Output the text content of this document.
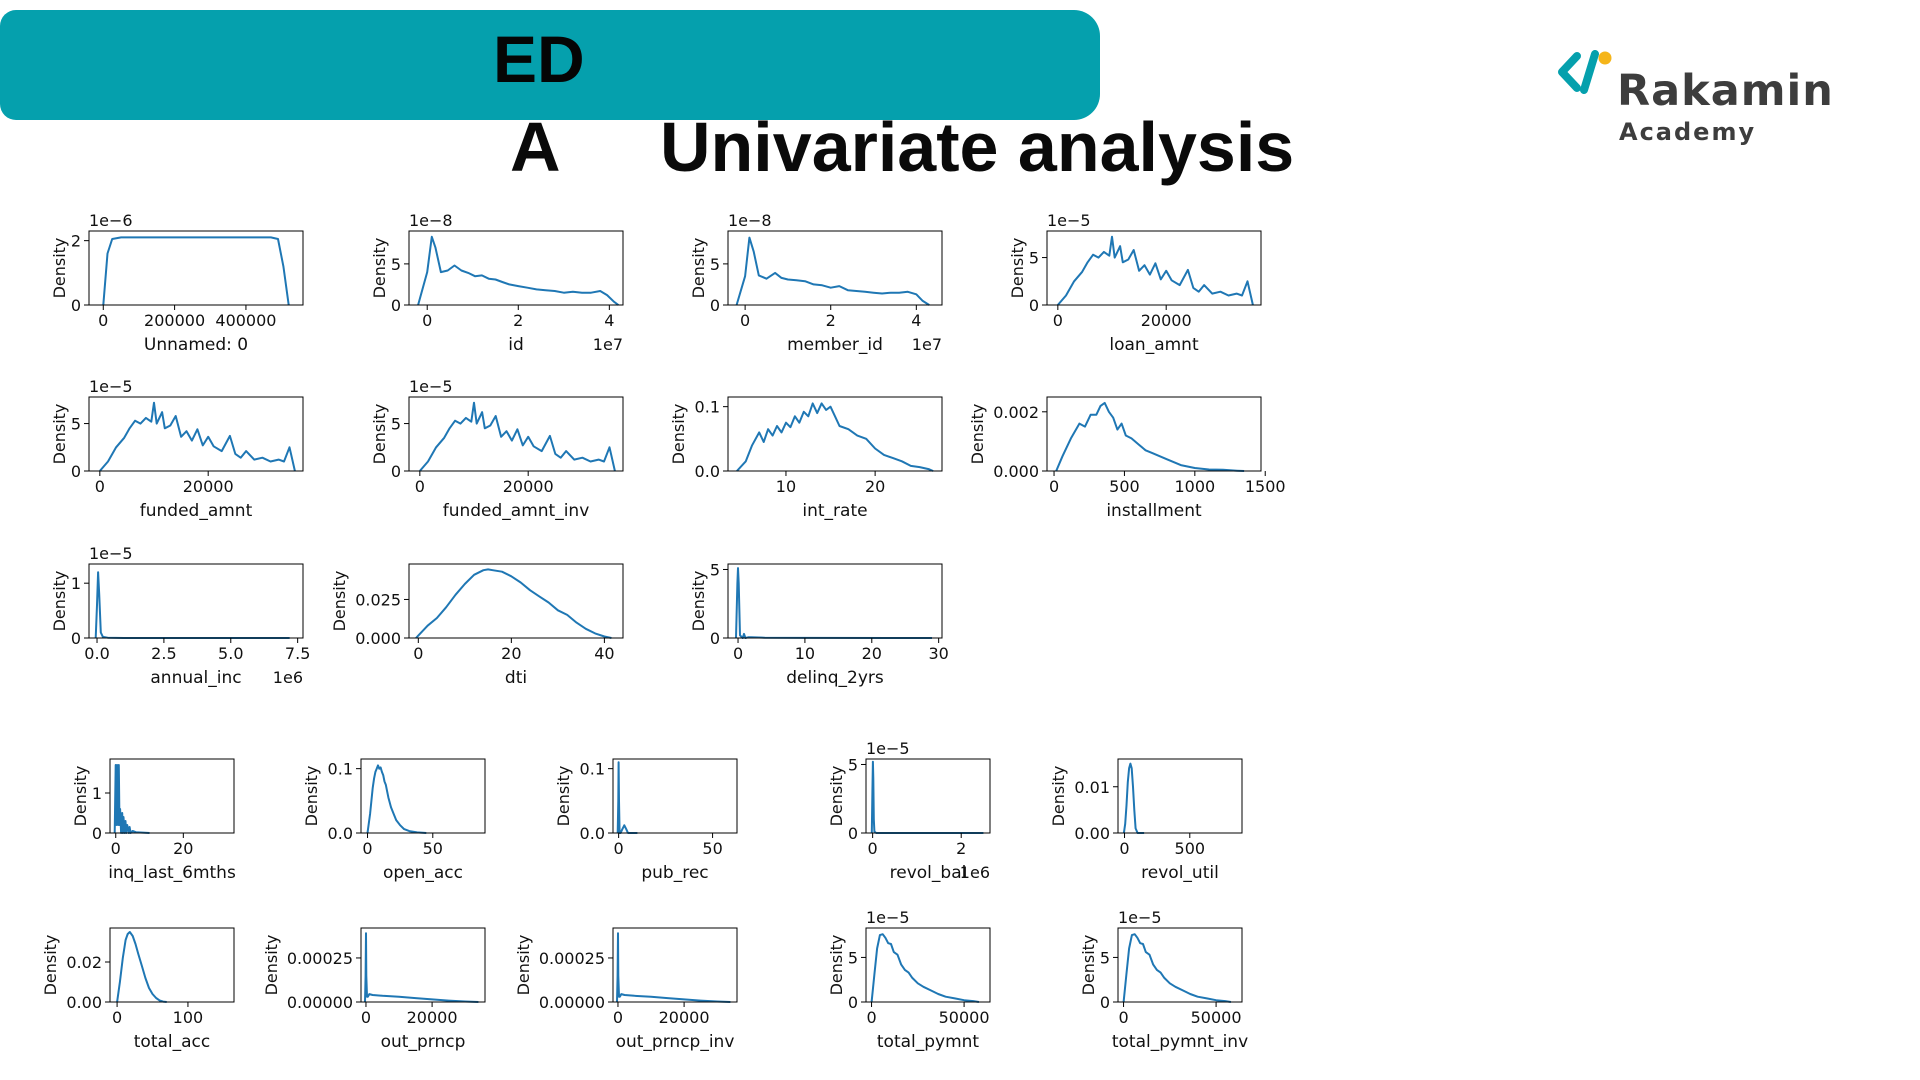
ED
A Univariate analysis
Rakamin
Academy
0 200000 400000
0
2
Unnamed: 0
Density
1e−6
0	2	4
0
5
id
Density
1e−8
1e7
0	2	4
0
5
member_id
Density
1e−8
1e7
0	20000
0
5
loan_amnt
Density
1e−5
0	20000
0
5
funded_amnt
Density
1e−5
0	20000
0
5
funded_amnt_inv
Density
1e−5
10	20
0.0
0.1
int_rate
Density
0	500 1000 1500
0.000
0.002
installment
Density
0.0	2.5	5.0	7.5
0
1
annual_inc
Density
1e−5
1e6
0	20	40
0.000
0.025
dti
Density
0	10	20	30
0
5
delinq_2yrs
Density
0	20
0
1
inq_last_6mths
Density
0	50
0.0
0.1
open_acc
Density
0	50
0.0
0.1
pub_rec
Density
0	2
0
5
revol_bal
Density
1e−5
1e6
0	500
0.00
0.01
revol_util
Density
0	100
0.00
0.02
total_acc
Density
0 20000
0.00000
0.00025
out_prncp
Density
0 20000
0.00000
0.00025
out_prncp_inv
Density
0	50000
0
5
total_pymnt
Density
1e−5
0	50000
0
5
total_pymnt_inv
Density
1e−5
